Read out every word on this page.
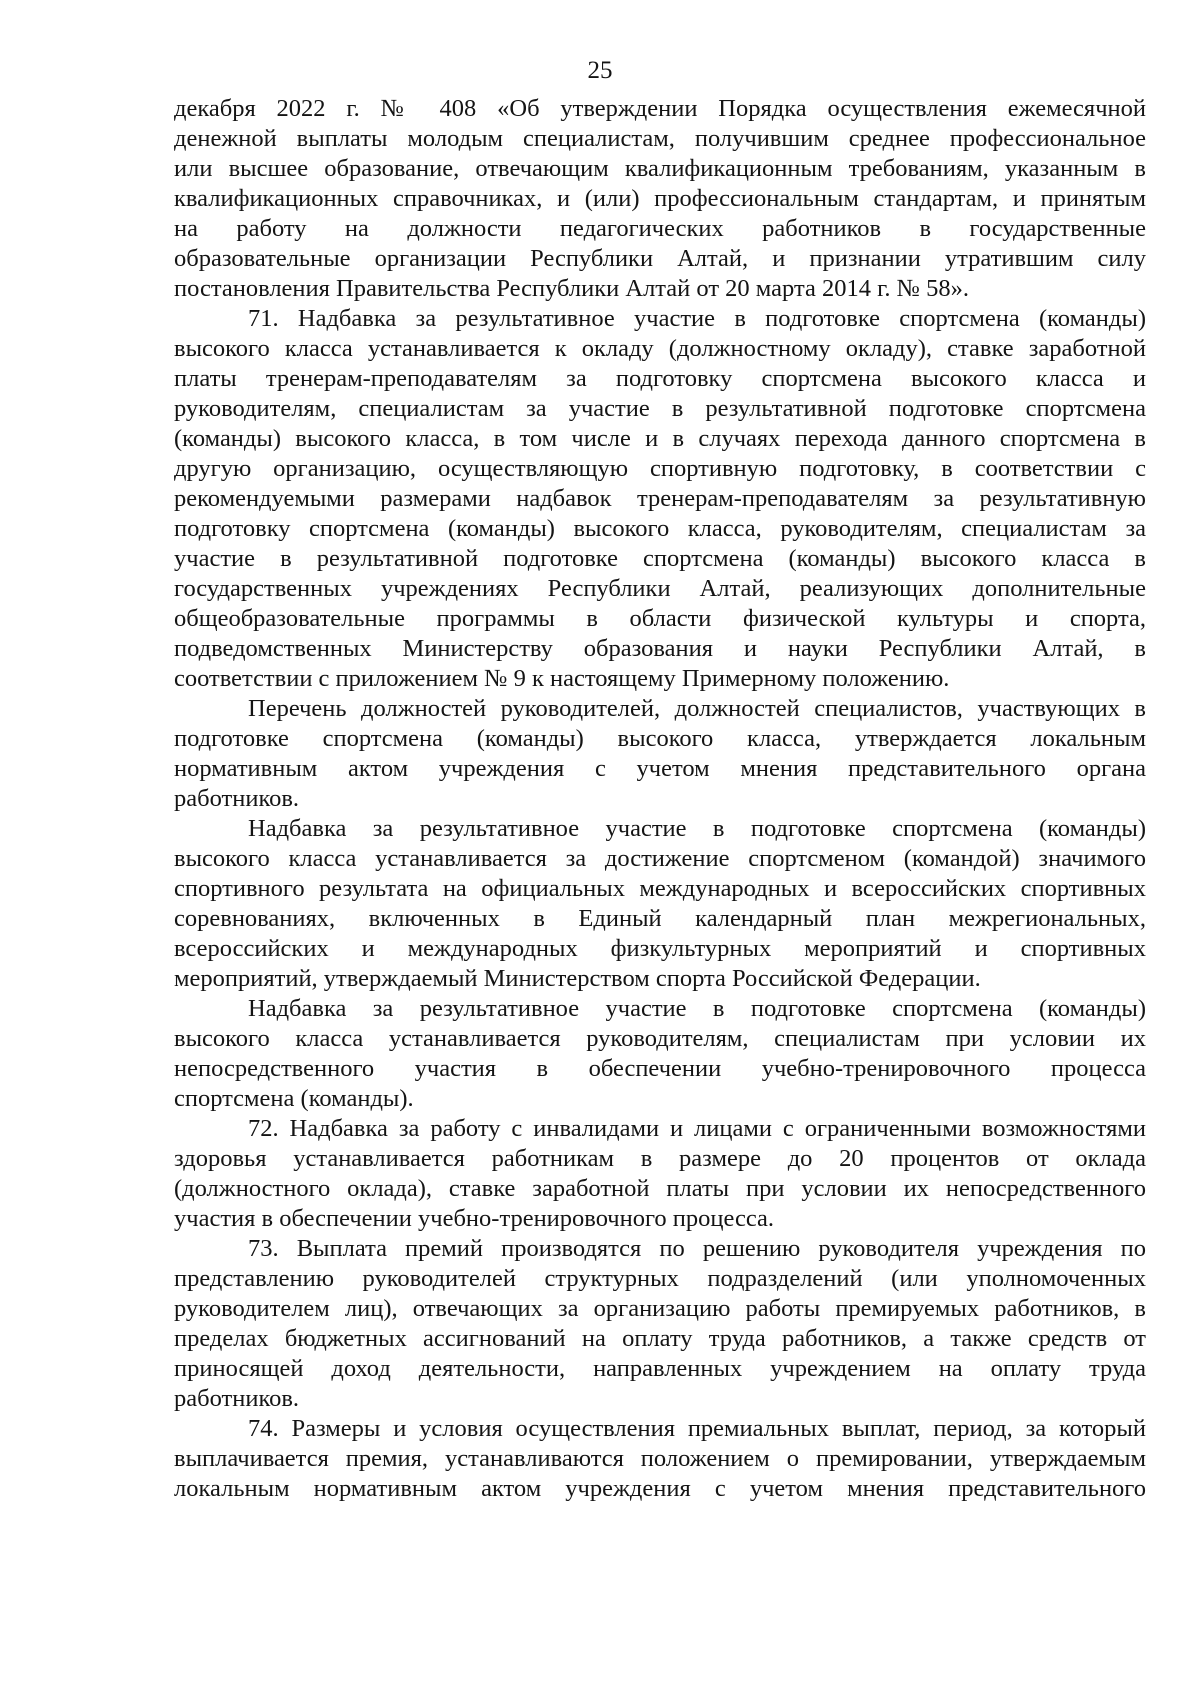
25
декабря 2022 г. № 408 «Об утверждении Порядка осуществления ежемесячной
денежной выплаты молодым специалистам, получившим среднее профессиональное
или высшее образование, отвечающим квалификационным требованиям, указанным в
квалификационных справочниках, и (или) профессиональным стандартам, и принятым
на работу на должности педагогических работников в государственные
образовательные организации Республики Алтай, и признании утратившим силу
постановления Правительства Республики Алтай от 20 марта 2014 г. № 58».
71. Надбавка за результативное участие в подготовке спортсмена (команды)
высокого класса устанавливается к окладу (должностному окладу), ставке заработной
платы тренерам-преподавателям за подготовку спортсмена высокого класса и
руководителям, специалистам за участие в результативной подготовке спортсмена
(команды) высокого класса, в том числе и в случаях перехода данного спортсмена в
другую организацию, осуществляющую спортивную подготовку, в соответствии с
рекомендуемыми размерами надбавок тренерам-преподавателям за результативную
подготовку спортсмена (команды) высокого класса, руководителям, специалистам за
участие в результативной подготовке спортсмена (команды) высокого класса в
государственных учреждениях Республики Алтай, реализующих дополнительные
общеобразовательные программы в области физической культуры и спорта,
подведомственных Министерству образования и науки Республики Алтай, в
соответствии с приложением № 9 к настоящему Примерному положению.
Перечень должностей руководителей, должностей специалистов, участвующих в
подготовке спортсмена (команды) высокого класса, утверждается локальным
нормативным актом учреждения с учетом мнения представительного органа
работников.
Надбавка за результативное участие в подготовке спортсмена (команды)
высокого класса устанавливается за достижение спортсменом (командой) значимого
спортивного результата на официальных международных и всероссийских спортивных
соревнованиях, включенных в Единый календарный план межрегиональных,
всероссийских и международных физкультурных мероприятий и спортивных
мероприятий, утверждаемый Министерством спорта Российской Федерации.
Надбавка за результативное участие в подготовке спортсмена (команды)
высокого класса устанавливается руководителям, специалистам при условии их
непосредственного участия в обеспечении учебно-тренировочного процесса
спортсмена (команды).
72. Надбавка за работу с инвалидами и лицами с ограниченными возможностями
здоровья устанавливается работникам в размере до 20 процентов от оклада
(должностного оклада), ставке заработной платы при условии их непосредственного
участия в обеспечении учебно-тренировочного процесса.
73. Выплата премий производятся по решению руководителя учреждения по
представлению руководителей структурных подразделений (или уполномоченных
руководителем лиц), отвечающих за организацию работы премируемых работников, в
пределах бюджетных ассигнований на оплату труда работников, а также средств от
приносящей доход деятельности, направленных учреждением на оплату труда
работников.
74. Размеры и условия осуществления премиальных выплат, период, за который
выплачивается премия, устанавливаются положением о премировании, утверждаемым
локальным нормативным актом учреждения с учетом мнения представительного
